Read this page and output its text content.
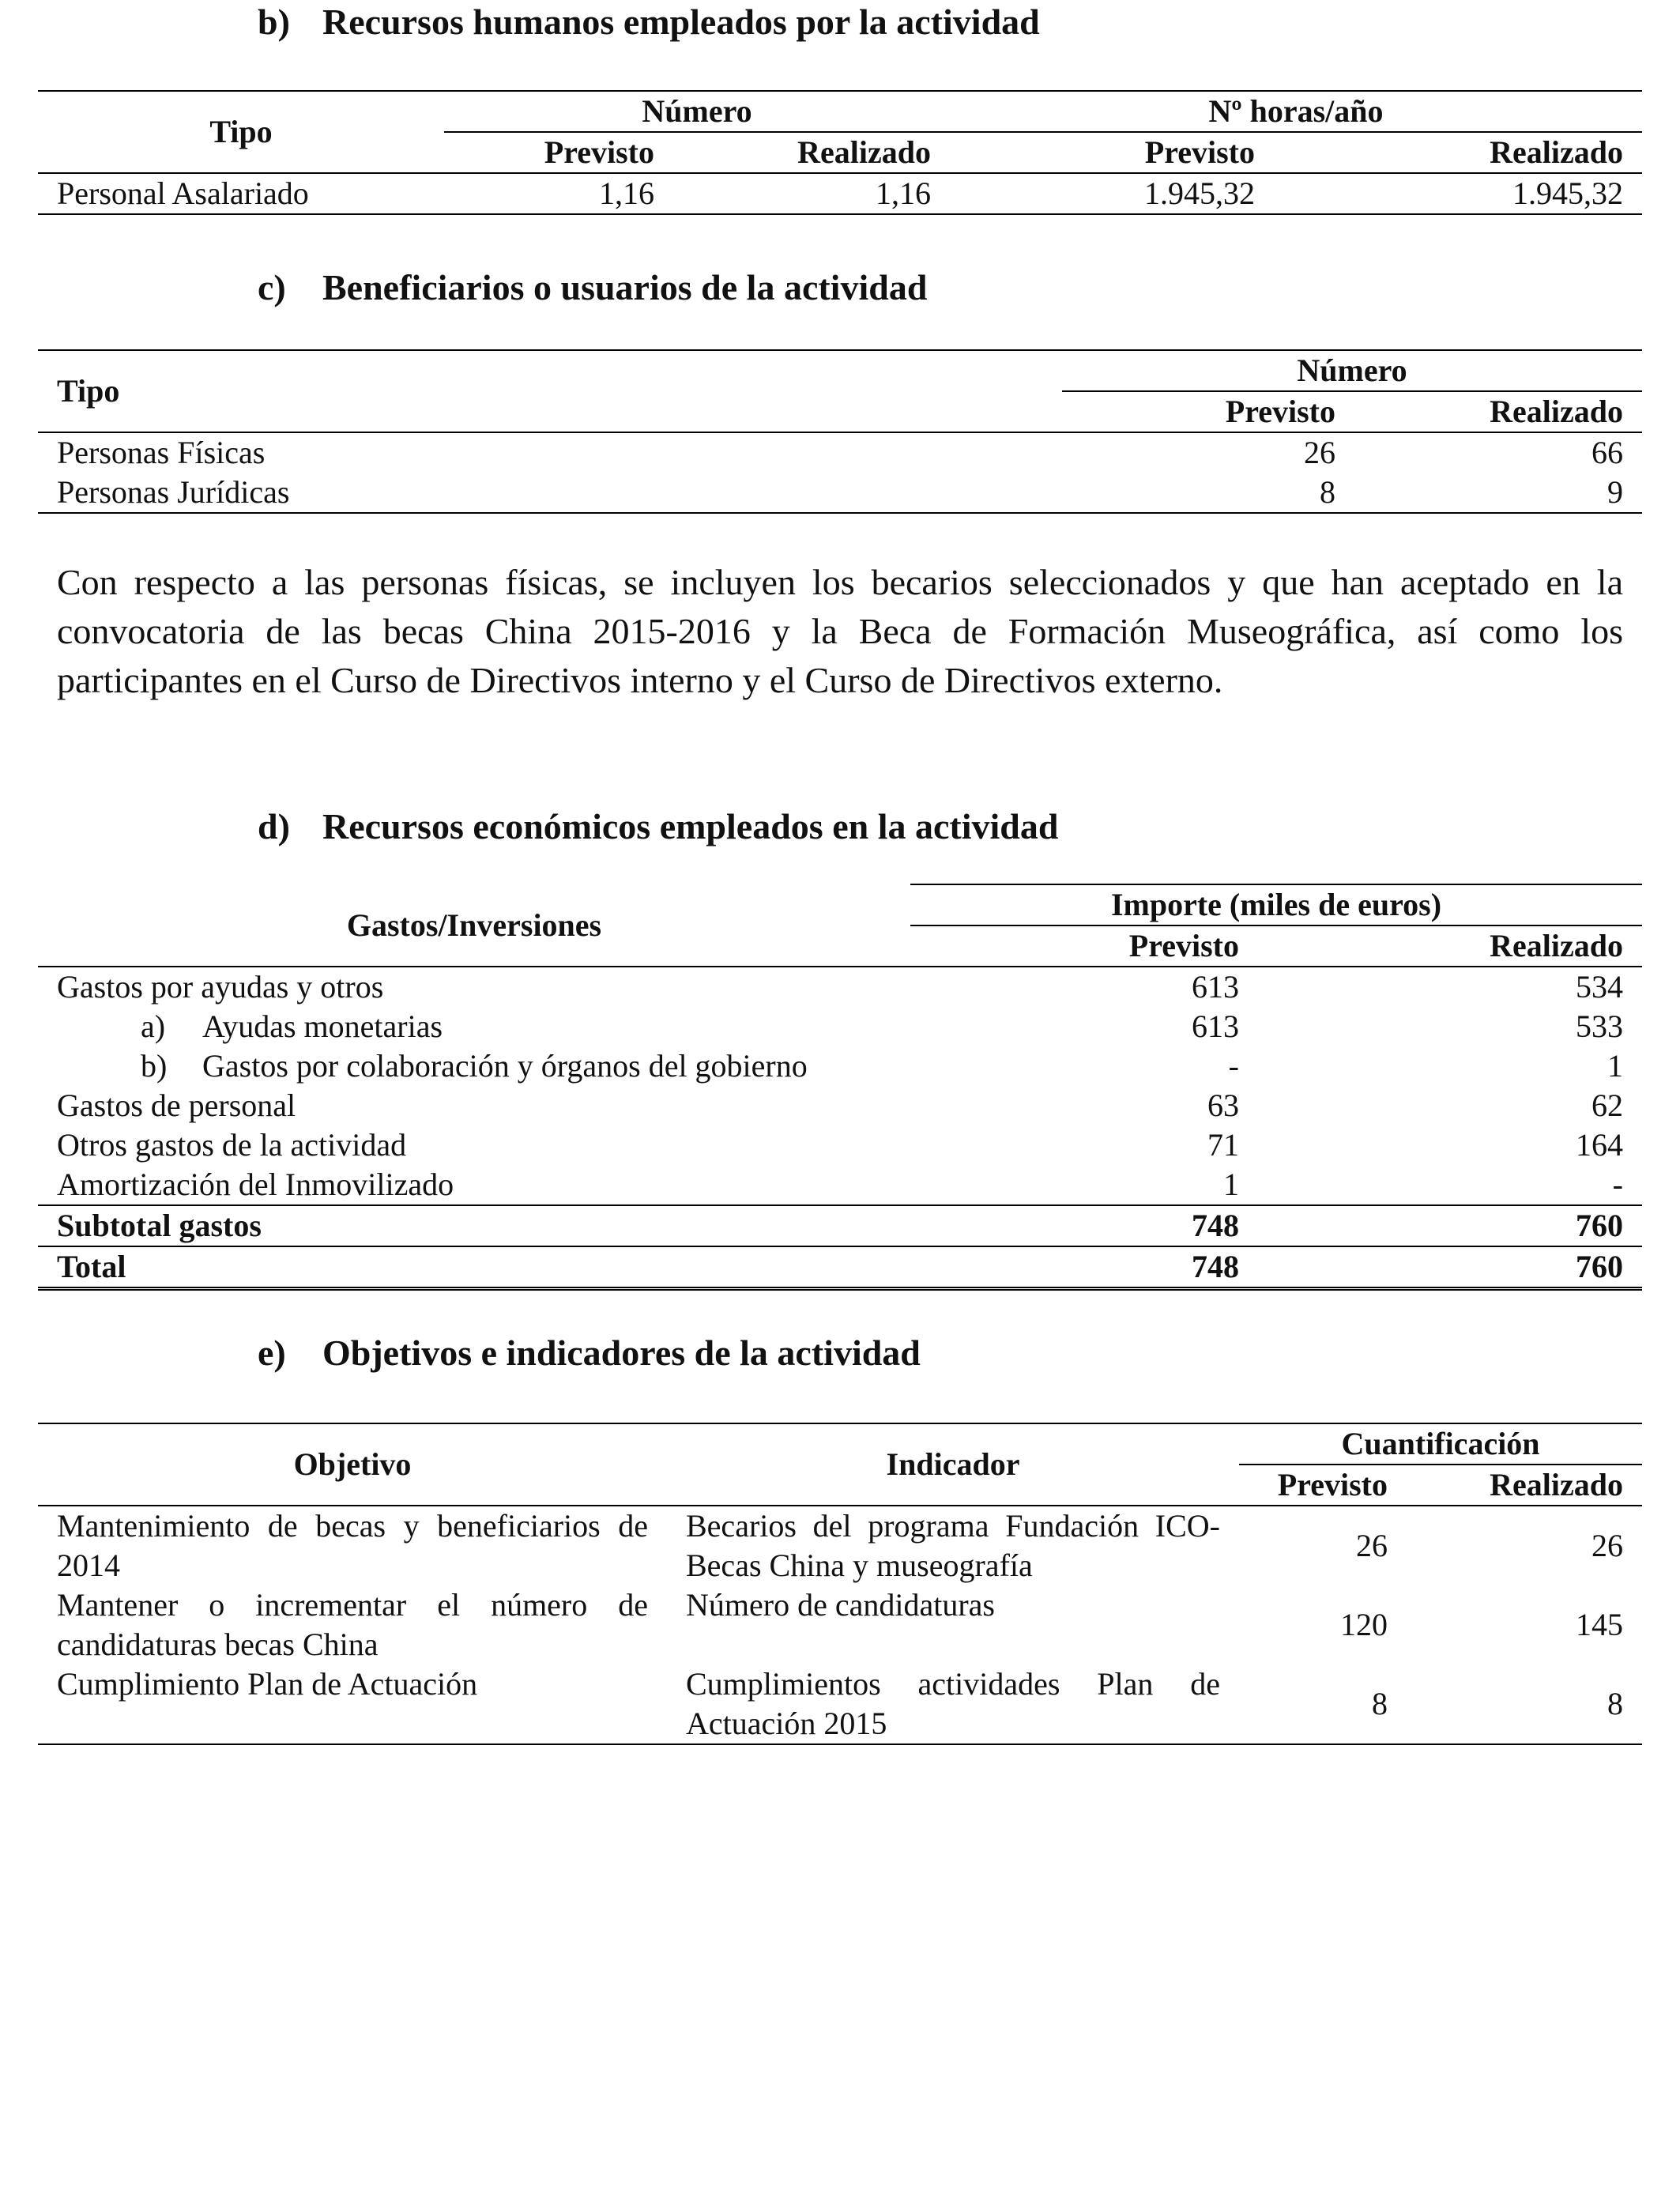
b) Recursos humanos empleados por la actividad
Tipo	Número		Nº horas/año	
	Previsto	Realizado	Previsto	Realizado
Personal Asalariado	1,16	1,16	1.945,32	1.945,32
c) Beneficiarios o usuarios de la actividad
Tipo	Número	
	Previsto	Realizado
Personas Físicas	26	66
Personas Jurídicas	8	9
Con respecto a las personas físicas, se incluyen los becarios seleccionados y que han aceptado en la convocatoria de las becas China 2015-2016 y la Beca de Formación Museográfica, así como los participantes en el Curso de Directivos interno y el Curso de Directivos externo.
d) Recursos económicos empleados en la actividad
Gastos/Inversiones	Importe (miles de euros)	
	Previsto	Realizado
Gastos por ayudas y otros	613	534
a) Ayudas monetarias	613	533
b) Gastos por colaboración y órganos del gobierno	-	1
Gastos de personal	63	62
Otros gastos de la actividad	71	164
Amortización del Inmovilizado	1	-
Subtotal gastos	748	760
Total	748	760
e) Objetivos e indicadores de la actividad
Objetivo	Indicador	Cuantificación	
		Previsto	Realizado
Mantenimiento de becas y beneficiarios de 2014	Becarios del programa Fundación ICO-Becas China y museografía	26	26
Mantener o incrementar el número de candidaturas becas China	Número de candidaturas	120	145
Cumplimiento Plan de Actuación	Cumplimientos actividades Plan de Actuación 2015	8	8
